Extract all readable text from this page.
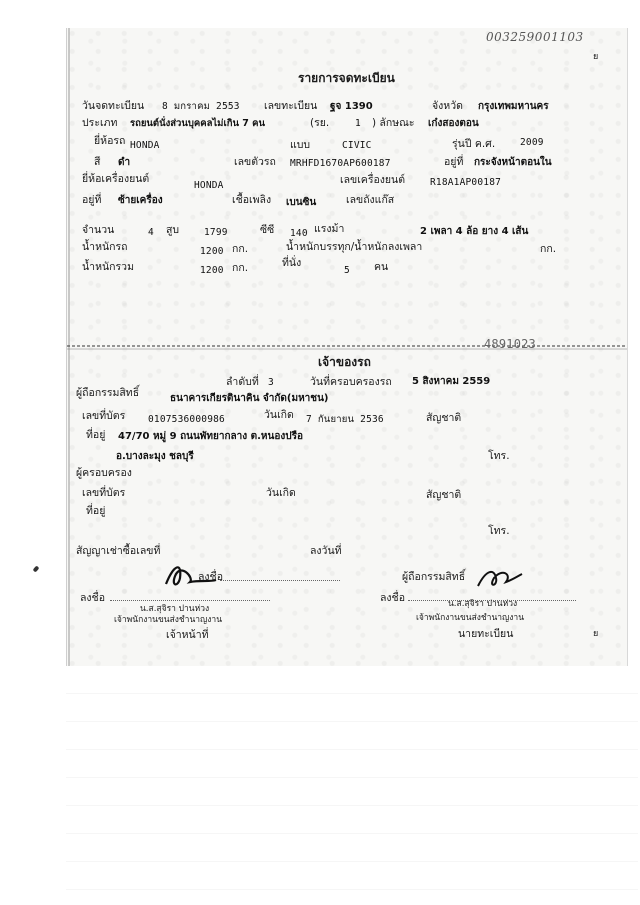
003259001103
ย
รายการจดทะเบียน
วันจดทะเบียน 8 มกราคม 2553 เลขทะเบียน ฐจ 1390	จังหวัด กรุงเทพมหานคร
ประเภท รถยนต์นั่งส่วนบุคคลไม่เกิน 7 คน	(รย.	1 ) ลักษณะ เก๋งสองตอน
ยี่ห้อรถ HONDA	แบบ	CIVIC	รุ่นปี ค.ศ.	2009
สี ดำ	เลขตัวรถ MRHFD1670AP600187	อยู่ที่ กระจังหน้าตอนใน
ยี่ห้อเครื่องยนต์
HONDA	เลขเครื่องยนต์	R18A1AP00187
อยู่ที่ ซ้ายเครื่อง	เชื้อเพลิง เบนซิน	เลขถังแก๊ส
จำนวน	4 สูบ	1799	ซีซี 140 แรงม้า	2 เพลา 4 ล้อ ยาง 4 เส้น
น้ำหนักรถ	1200 กก.	น้ำหนักบรรทุก/น้ำหนักลงเพลา	กก.
น้ำหนักรวม	1200 กก.	ที่นั่ง
5 คน
4891023
เจ้าของรถ
ลำดับที่ 3	วันที่ครอบครองรถ 5 สิงหาคม 2559
ผู้ถือกรรมสิทธิ์	ธนาคารเกียรตินาคิน จำกัด(มหาชน)
เลขที่บัตร 0107536000986	วันเกิด 7 กันยายน 2536	สัญชาติ
ที่อยู่ 47/70 หมู่ 9 ถนนพัทยากลาง ต.หนองปรือ
อ.บางละมุง ชลบุรี	โทร.
ผู้ครอบครอง
เลขที่บัตร	วันเกิด	สัญชาติ
ที่อยู่
โทร.
สัญญาเช่าซื้อเลขที่	ลงวันที่
ลงชื่อ	ผู้ถือกรรมสิทธิ์
ลงชื่อ	ลงชื่อ
น.ส.สุจิรา ปานห่วง
เจ้าพนักงานขนส่งชำนาญงาน
เจ้าหน้าที่
น.ส.สุจิรา ปานห่วง
เจ้าพนักงานขนส่งชำนาญงาน
นายทะเบียน	ย
